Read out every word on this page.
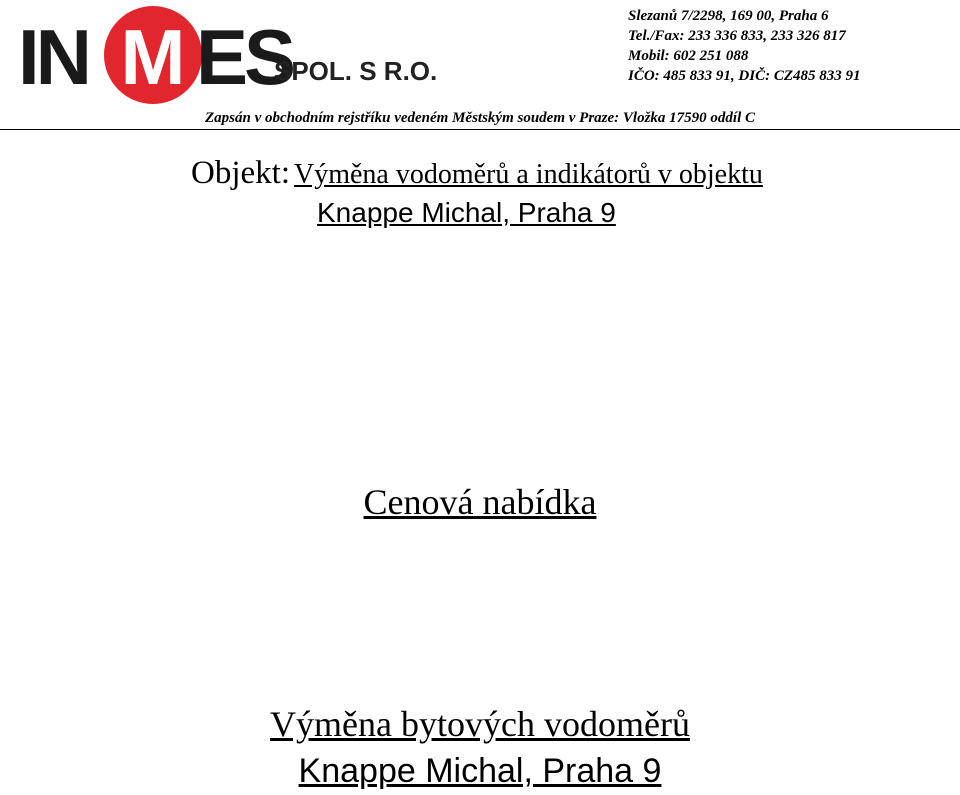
IN M ES
SPOL. S R.O.
Slezanů 7/2298, 169 00, Praha 6
Tel./Fax: 233 336 833, 233 326 817
Mobil: 602 251 088
IČO: 485 833 91, DIČ: CZ485 833 91
Zapsán v obchodním rejstříku vedeném Městským soudem v Praze: Vložka 17590 oddíl C
Objekt: Výměna vodoměrů a indikátorů v objektu
Knappe Michal, Praha 9
Cenová nabídka
Výměna bytových vodoměrů
Knappe Michal, Praha 9
